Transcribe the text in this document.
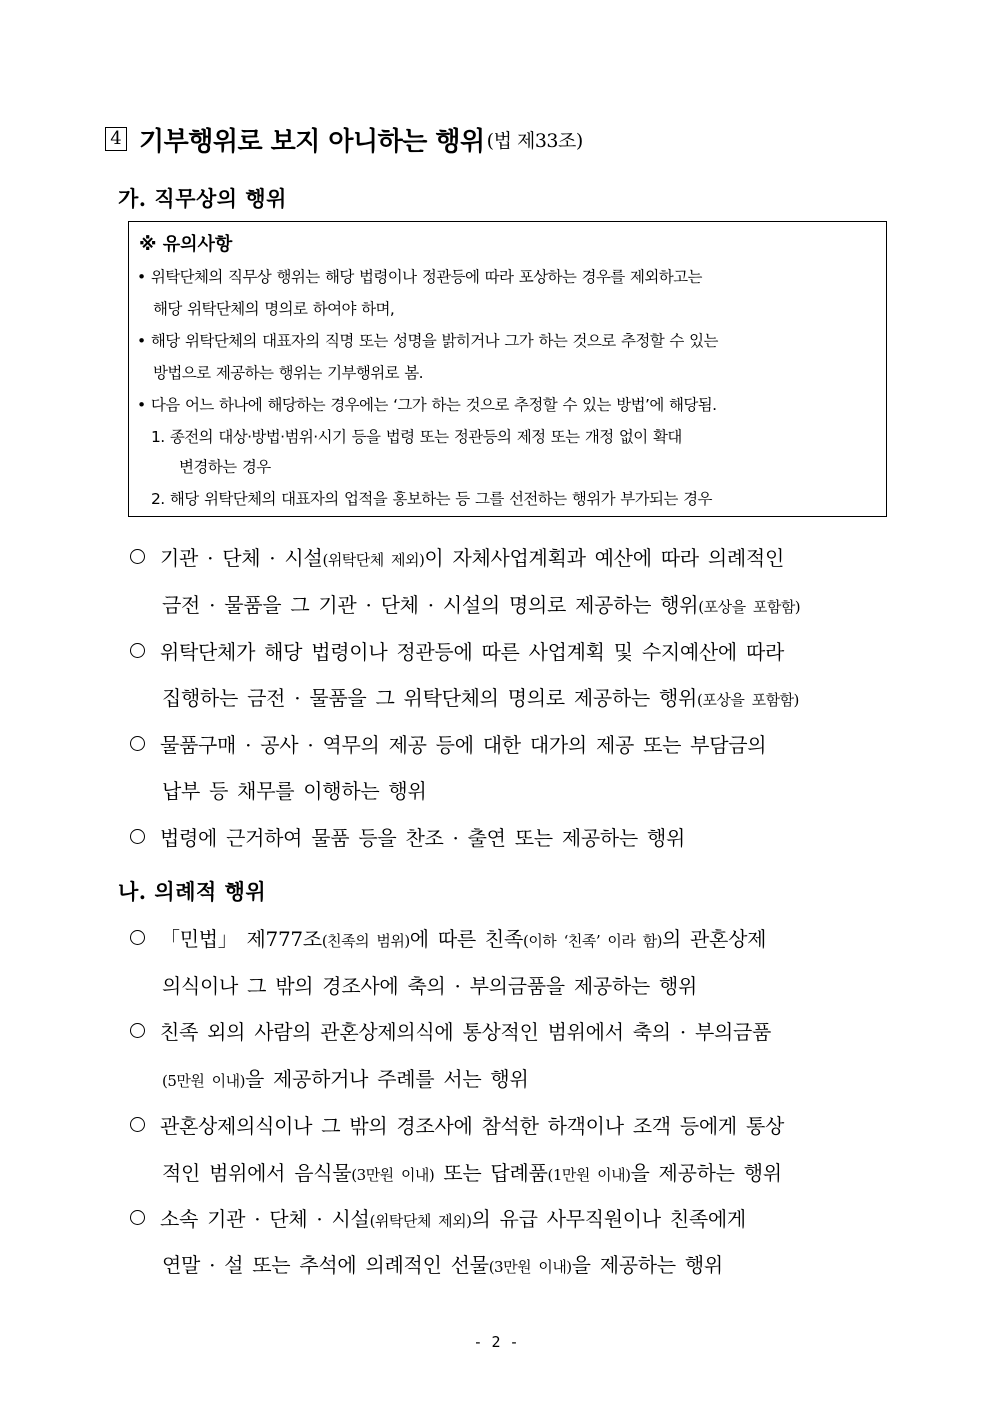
4 기부행위로 보지 아니하는 행위 (법 제33조)
가. 직무상의 행위
※ 유의사항
• 위탁단체의 직무상 행위는 해당 법령이나 정관등에 따라 포상하는 경우를 제외하고는
해당 위탁단체의 명의로 하여야 하며,
• 해당 위탁단체의 대표자의 직명 또는 성명을 밝히거나 그가 하는 것으로 추정할 수 있는
방법으로 제공하는 행위는 기부행위로 봄.
• 다음 어느 하나에 해당하는 경우에는 ‘그가 하는 것으로 추정할 수 있는 방법’에 해당됨.
1. 종전의 대상·방법·범위·시기 등을 법령 또는 정관등의 제정 또는 개정 없이 확대
변경하는 경우
2. 해당 위탁단체의 대표자의 업적을 홍보하는 등 그를 선전하는 행위가 부가되는 경우
기관 · 단체 · 시설(위탁단체 제외)이 자체사업계획과 예산에 따라 의례적인
금전 · 물품을 그 기관 · 단체 · 시설의 명의로 제공하는 행위(포상을 포함함)
위탁단체가 해당 법령이나 정관등에 따른 사업계획 및 수지예산에 따라
집행하는 금전 · 물품을 그 위탁단체의 명의로 제공하는 행위(포상을 포함함)
물품구매 · 공사 · 역무의 제공 등에 대한 대가의 제공 또는 부담금의
납부 등 채무를 이행하는 행위
법령에 근거하여 물품 등을 찬조 · 출연 또는 제공하는 행위
나. 의례적 행위
「민법」 제777조(친족의 범위)에 따른 친족(이하 ‘친족’ 이라 함)의 관혼상제
의식이나 그 밖의 경조사에 축의 · 부의금품을 제공하는 행위
친족 외의 사람의 관혼상제의식에 통상적인 범위에서 축의 · 부의금품
(5만원 이내)을 제공하거나 주례를 서는 행위
관혼상제의식이나 그 밖의 경조사에 참석한 하객이나 조객 등에게 통상
적인 범위에서 음식물(3만원 이내) 또는 답례품(1만원 이내)을 제공하는 행위
소속 기관 · 단체 · 시설(위탁단체 제외)의 유급 사무직원이나 친족에게
연말 · 설 또는 추석에 의례적인 선물(3만원 이내)을 제공하는 행위
- 2 -
